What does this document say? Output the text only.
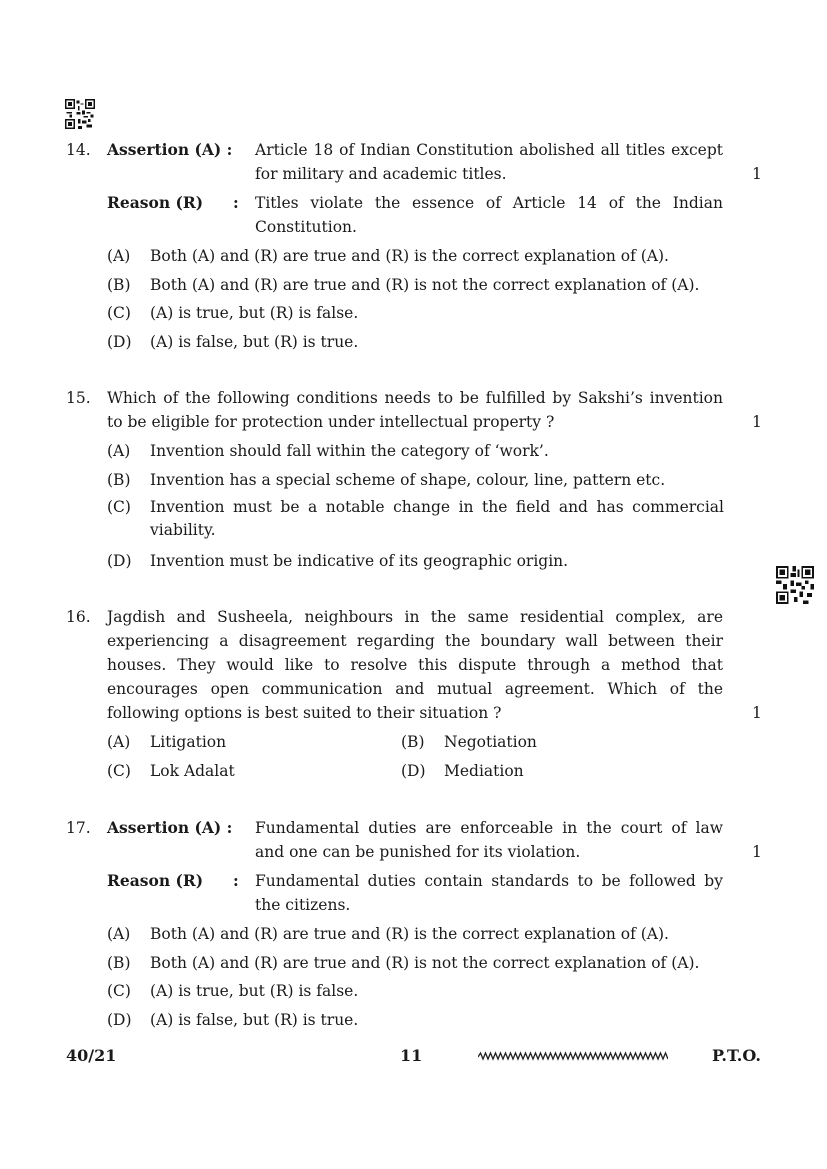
14. Assertion (A) : Article 18 of Indian Constitution abolished all titles except for military and academic titles.	1
Reason (R) : Titles violate the essence of Article 14 of the Indian Constitution.
(A) Both (A) and (R) are true and (R) is the correct explanation of (A).
(B) Both (A) and (R) are true and (R) is not the correct explanation of (A).
(C) (A) is true, but (R) is false.
(D) (A) is false, but (R) is true.
15. Which of the following conditions needs to be fulfilled by Sakshi’s invention to be eligible for protection under intellectual property ?	1
(A) Invention should fall within the category of ‘work’.
(B) Invention has a special scheme of shape, colour, line, pattern etc.
(C) Invention must be a notable change in the field and has commercial viability.
(D) Invention must be indicative of its geographic origin.
16. Jagdish and Susheela, neighbours in the same residential complex, are experiencing a disagreement regarding the boundary wall between their houses. They would like to resolve this dispute through a method that encourages open communication and mutual agreement. Which of the following options is best suited to their situation ?	1
(A) Litigation	(B) Negotiation
(C) Lok Adalat	(D) Mediation
17. Assertion (A) : Fundamental duties are enforceable in the court of law and one can be punished for its violation.	1
Reason (R) : Fundamental duties contain standards to be followed by the citizens.
(A) Both (A) and (R) are true and (R) is the correct explanation of (A).
(B) Both (A) and (R) are true and (R) is not the correct explanation of (A).
(C) (A) is true, but (R) is false.
(D) (A) is false, but (R) is true.
40/21	11	P.T.O.
